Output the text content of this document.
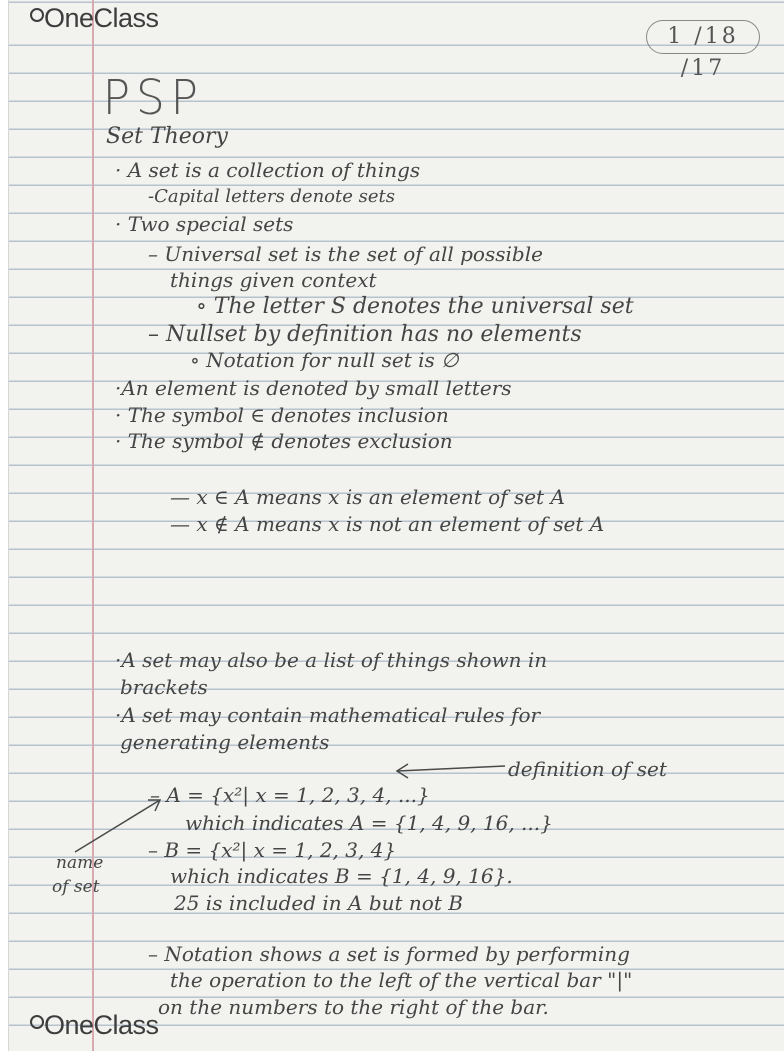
OneClass
1 /18 /17
PSP
Set Theory
· A set is a collection of things
-Capital letters denote sets
· Two special sets
– Universal set is the set of all possible
things given context
∘ The letter S denotes the universal set
– Nullset by definition has no elements
∘ Notation for null set is ∅
·An element is denoted by small letters
· The symbol ∈ denotes inclusion
· The symbol ∉ denotes exclusion
— x ∈ A means x is an element of set A
— x ∉ A means x is not an element of set A
·A set may also be a list of things shown in
brackets
·A set may contain mathematical rules for
generating elements
definition of set
– A = {x²| x = 1, 2, 3, 4, ...}
which indicates A = {1, 4, 9, 16, ...}
– B = {x²| x = 1, 2, 3, 4}
which indicates B = {1, 4, 9, 16}.
25 is included in A but not B
– Notation shows a set is formed by performing
the operation to the left of the vertical bar "|"
on the numbers to the right of the bar.
name
of set
OneClass
